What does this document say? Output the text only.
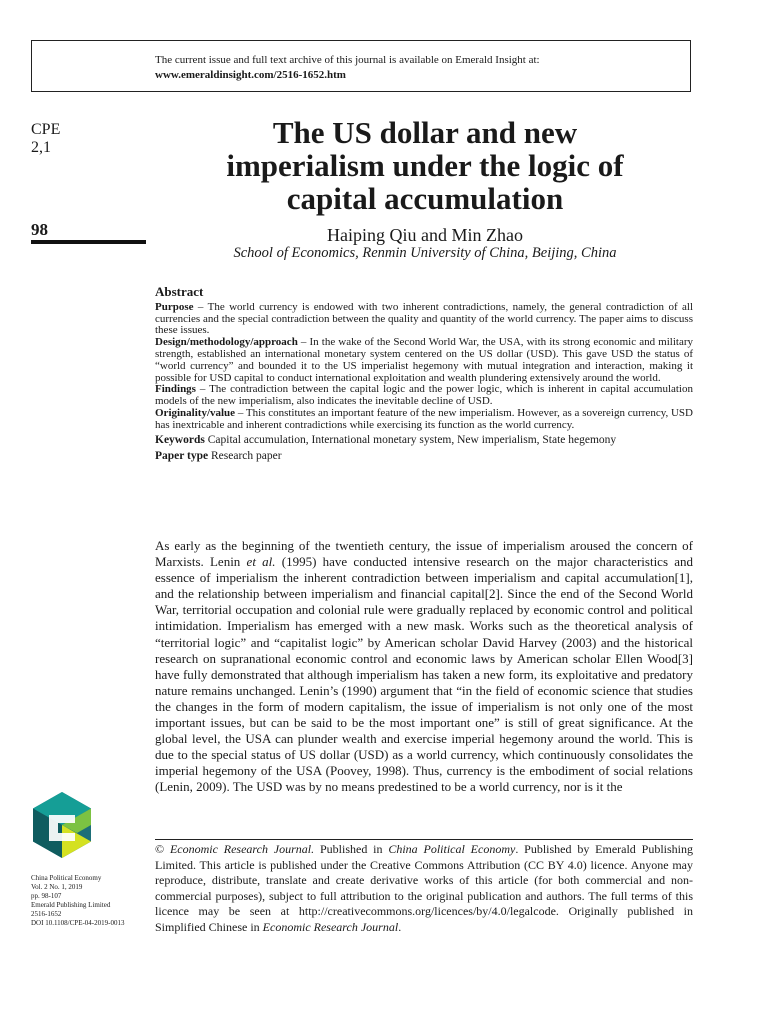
The current issue and full text archive of this journal is available on Emerald Insight at:

www.emeraldinsight.com/2516-1652.htm

CPE
2,1
98
The US dollar and new
imperialism under the logic of
capital accumulation
Haiping Qiu and Min Zhao
School of Economics, Renmin University of China, Beijing, China
Abstract

Purpose – The world currency is endowed with two inherent contradictions, namely, the general contradiction of all currencies and the special contradiction between the quality and quantity of the world currency. The paper aims to discuss these issues.

Design/methodology/approach – In the wake of the Second World War, the USA, with its strong economic and military strength, established an international monetary system centered on the US dollar (USD). This gave USD the status of “world currency” and bounded it to the US imperialist hegemony with mutual integration and interaction, making it possible for USD capital to conduct international exploitation and wealth plundering extensively around the world.

Findings – The contradiction between the capital logic and the power logic, which is inherent in capital accumulation models of the new imperialism, also indicates the inevitable decline of USD.

Originality/value – This constitutes an important feature of the new imperialism. However, as a sovereign currency, USD has inextricable and inherent contradictions while exercising its function as the world currency.

Keywords Capital accumulation, International monetary system, New imperialism, State hegemony

Paper type Research paper

As early as the beginning of the twentieth century, the issue of imperialism aroused the concern of Marxists. Lenin et al. (1995) have conducted intensive research on the major characteristics and essence of imperialism the inherent contradiction between imperialism and capital accumulation[1], and the relationship between imperialism and financial capital[2]. Since the end of the Second World War, territorial occupation and colonial rule were gradually replaced by economic control and political intimidation. Imperialism has emerged with a new mask. Works such as the theoretical analysis of “territorial logic” and “capitalist logic” by American scholar David Harvey (2003) and the historical research on supranational economic control and economic laws by American scholar Ellen Wood[3] have fully demonstrated that although imperialism has taken a new form, its exploitative and predatory nature remains unchanged. Lenin’s (1990) argument that “in the field of economic science that studies the changes in the form of modern capitalism, the issue of imperialism is not only one of the most important issues, but can be said to be the most important one” is still of great significance. At the global level, the USA can plunder wealth and exercise imperial hegemony around the world. This is due to the special status of US dollar (USD) as a world currency, which continuously consolidates the imperial hegemony of the USA (Poovey, 1998). Thus, currency is the embodiment of social relations (Lenin, 2009). The USD was by no means predestined to be a world currency, nor is it the

China Political Economy
Vol. 2 No. 1, 2019
pp. 98-107
Emerald Publishing Limited
2516-1652
DOI 10.1108/CPE-04-2019-0013

© Economic Research Journal. Published in China Political Economy. Published by Emerald Publishing Limited. This article is published under the Creative Commons Attribution (CC BY 4.0) licence. Anyone may reproduce, distribute, translate and create derivative works of this article (for both commercial and non-commercial purposes), subject to full attribution to the original publication and authors. The full terms of this licence may be seen at http://creativecommons.org/licences/by/4.0/legalcode. Originally published in Simplified Chinese in Economic Research Journal.
